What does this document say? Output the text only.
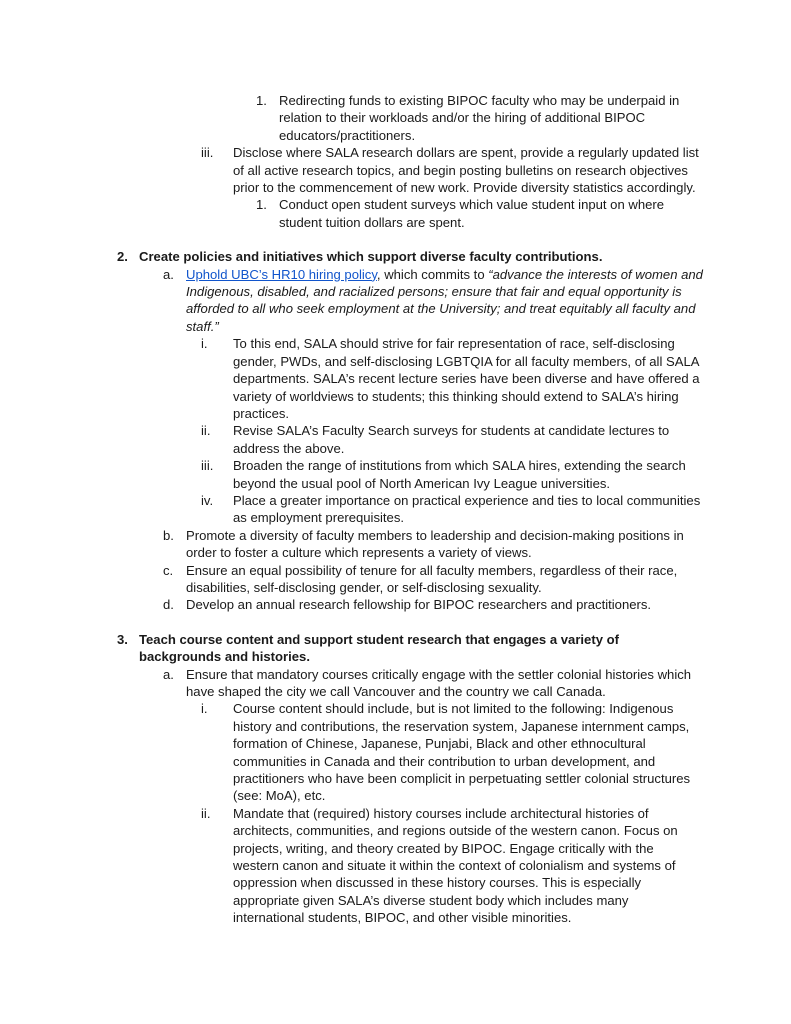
1. Redirecting funds to existing BIPOC faculty who may be underpaid in relation to their workloads and/or the hiring of additional BIPOC educators/practitioners.
iii. Disclose where SALA research dollars are spent, provide a regularly updated list of all active research topics, and begin posting bulletins on research objectives prior to the commencement of new work. Provide diversity statistics accordingly.
1. Conduct open student surveys which value student input on where student tuition dollars are spent.
2. Create policies and initiatives which support diverse faculty contributions.
a. Uphold UBC’s HR10 hiring policy, which commits to “advance the interests of women and Indigenous, disabled, and racialized persons; ensure that fair and equal opportunity is afforded to all who seek employment at the University; and treat equitably all faculty and staff.”
i. To this end, SALA should strive for fair representation of race, self-disclosing gender, PWDs, and self-disclosing LGBTQIA for all faculty members, of all SALA departments. SALA’s recent lecture series have been diverse and have offered a variety of worldviews to students; this thinking should extend to SALA’s hiring practices.
ii. Revise SALA’s Faculty Search surveys for students at candidate lectures to address the above.
iii. Broaden the range of institutions from which SALA hires, extending the search beyond the usual pool of North American Ivy League universities.
iv. Place a greater importance on practical experience and ties to local communities as employment prerequisites.
b. Promote a diversity of faculty members to leadership and decision-making positions in order to foster a culture which represents a variety of views.
c. Ensure an equal possibility of tenure for all faculty members, regardless of their race, disabilities, self-disclosing gender, or self-disclosing sexuality.
d. Develop an annual research fellowship for BIPOC researchers and practitioners.
3. Teach course content and support student research that engages a variety of backgrounds and histories.
a. Ensure that mandatory courses critically engage with the settler colonial histories which have shaped the city we call Vancouver and the country we call Canada.
i. Course content should include, but is not limited to the following: Indigenous history and contributions, the reservation system, Japanese internment camps, formation of Chinese, Japanese, Punjabi, Black and other ethnocultural communities in Canada and their contribution to urban development, and practitioners who have been complicit in perpetuating settler colonial structures (see: MoA), etc.
ii. Mandate that (required) history courses include architectural histories of architects, communities, and regions outside of the western canon. Focus on projects, writing, and theory created by BIPOC. Engage critically with the western canon and situate it within the context of colonialism and systems of oppression when discussed in these history courses. This is especially appropriate given SALA’s diverse student body which includes many international students, BIPOC, and other visible minorities.
